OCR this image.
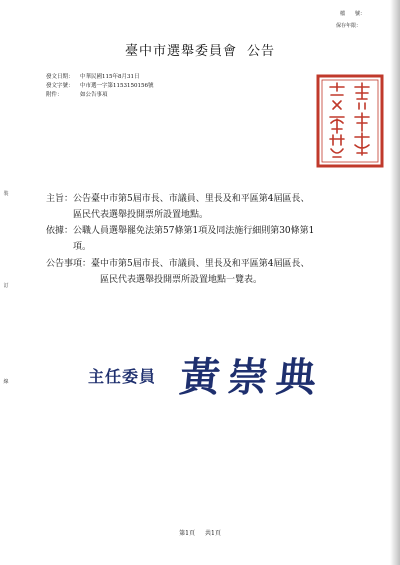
檔　　號：
保存年限：
臺中市選舉委員會 公告
發文日期： 中華民國115年8月31日
發文字號： 中市選一字第1153150156號
附件：	如公告事項
裝
訂
線
主旨：公告臺中市第5屆市長、市議員、里長及和平區第4屆區長、
區民代表選舉投開票所設置地點。
依據：公職人員選舉罷免法第57條第1項及同法施行細則第30條第1
項。
公告事項：臺中市第5屆市長、市議員、里長及和平區第4屆區長、
區民代表選舉投開票所設置地點一覽表。
主任委員 黃崇典
第1頁 共1頁
